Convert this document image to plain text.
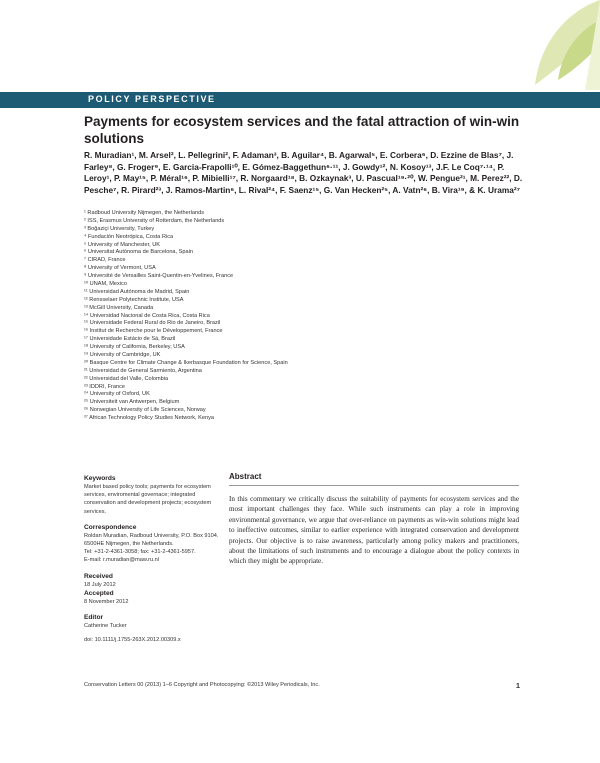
POLICY PERSPECTIVE
Payments for ecosystem services and the fatal attraction of win-win solutions
R. Muradian¹, M. Arsel², L. Pellegrini², F. Adaman³, B. Aguilar⁴, B. Agarwal⁵, E. Corbera⁶, D. Ezzine de Blas⁷, J. Farley⁸, G. Froger⁹, E. Garcia-Frapolli¹⁰, E. Gómez-Baggethun⁶·¹¹, J. Gowdy¹², N. Kosoy¹³, J.F. Le Coq⁷·¹⁴, P. Leroy¹, P. May¹⁵, P. Méral¹⁶, P. Mibielli¹⁷, R. Norgaard¹⁸, B. Ozkaynak³, U. Pascual¹⁹·²⁰, W. Pengue²¹, M. Perez²², D. Pesche⁷, R. Pirard²³, J. Ramos-Martin⁶, L. Rival²⁴, F. Saenz¹⁵, G. Van Hecken²⁵, A. Vatn²⁶, B. Vira¹⁹, & K. Urama²⁷
¹ Radboud University Nijmegen, the Netherlands
² ISS, Erasmus University of Rotterdam, the Netherlands
³ Boğaziçi University, Turkey
⁴ Fundación Neotrópica, Costa Rica
⁵ University of Manchester, UK
⁶ Universitat Autònoma de Barcelona, Spain
⁷ CIRAD, France
⁸ University of Vermont, USA
⁹ Université de Versailles Saint-Quentin-en-Yvelines, France
¹⁰ UNAM, Mexico
¹¹ Universidad Autónoma de Madrid, Spain
¹² Rensselaer Polytechnic Institute, USA
¹³ McGill University, Canada
¹⁴ Universidad Nacional de Costa Rica, Costa Rica
¹⁵ Universidade Federal Rural do Rio de Janeiro, Brazil
¹⁶ Institut de Recherche pour le Développement, France
¹⁷ Universidade Estácio de Sá, Brazil
¹⁸ University of California, Berkeley, USA
¹⁹ University of Cambridge, UK
²⁰ Basque Centre for Climate Change & Ikerbasque Foundation for Science, Spain
²¹ Universidad de General Sarmiento, Argentina
²² Universidad del Valle, Colombia
²³ IDDRI, France
²⁴ University of Oxford, UK
²⁵ Universiteit van Antwerpen, Belgium
²⁶ Norwegian University of Life Sciences, Norway
²⁷ African Technology Policy Studies Network, Kenya
Keywords

Market based policy tools; payments for ecosystem services, enviromental governace; integrated conservation and development projects; ecosystem services.

Correspondence

Roldan Muradian, Radboud University, P.O. Box 9104. 6500HE Nijmegen, the Netherlands.

Tel: +31-2-4361-3058; fax: +31-2-4361-5957.

E-mail: r.muradian@maw.ru.nl

Received

18 July 2012

Accepted

8 November 2012

Editor

Catherine Tucker

doi: 10.1111/j.1755-263X.2012.00309.x

Abstract

In this commentary we critically discuss the suitability of payments for ecosystem services and the most important challenges they face. While such instruments can play a role in improving environmental governance, we argue that over-reliance on payments as win-win solutions might lead to ineffective outcomes, similar to earlier experience with integrated conservation and development projects. Our objective is to raise awareness, particularly among policy makers and practitioners, about the limitations of such instruments and to encourage a dialogue about the policy contexts in which they might be appropriate.

Conservation Letters 00 (2013) 1–6 Copyright and Photocopying: ©2013 Wiley Periodicals, Inc.	1
